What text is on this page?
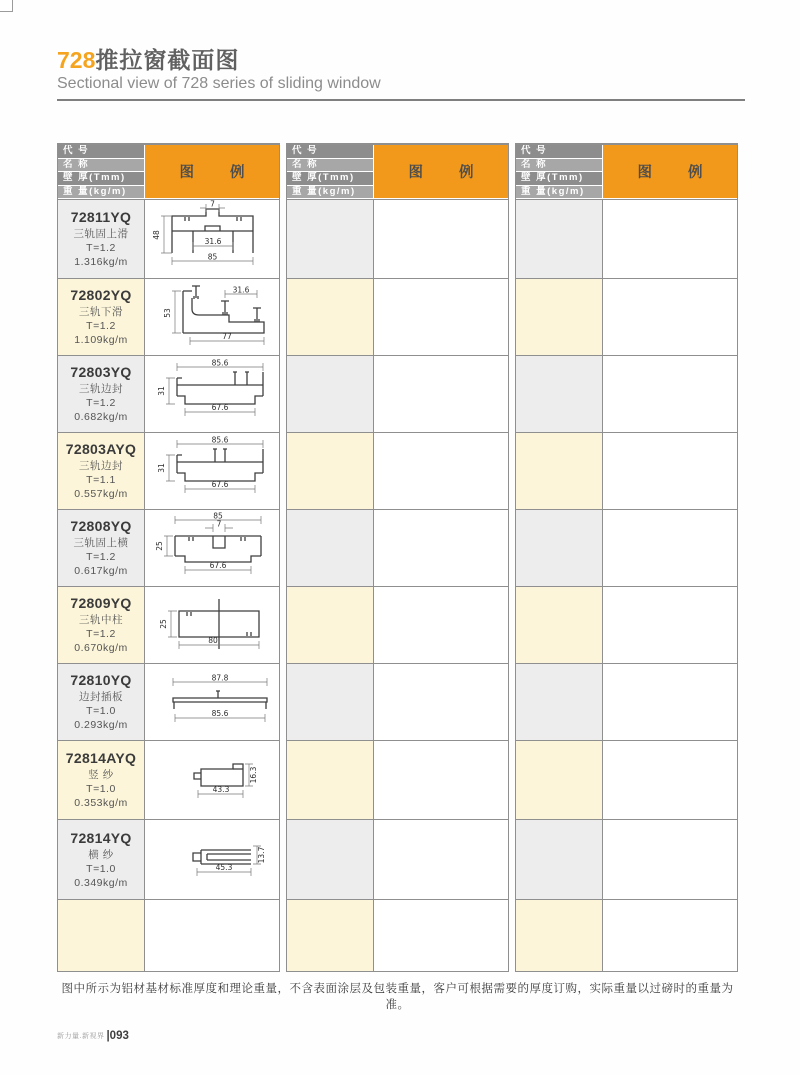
728推拉窗截面图
Sectional view of 728 series of sliding window
代 号
名 称
壁 厚(Tmm)
重 量(kg/m)
图 例
72811YQ
三轨固上滑
T=1.2
1.316kg/m
7
48
31.6
85
72802YQ
三轨下滑
T=1.2
1.109kg/m
31.6
53
77
72803YQ
三轨边封
T=1.2
0.682kg/m
85.6
31
67.6
72803AYQ
三轨边封
T=1.1
0.557kg/m
85.6
31
67.6
72808YQ
三轨固上横
T=1.2
0.617kg/m
85
7
25
67.6
72809YQ
三轨中柱
T=1.2
0.670kg/m
25
80
72810YQ
边封插板
T=1.0
0.293kg/m
87.8
85.6
72814AYQ
竖 纱
T=1.0
0.353kg/m
43.3
16.3
72814YQ
横 纱
T=1.0
0.349kg/m
45.3
13.7
代 号
名 称
壁 厚(Tmm)
重 量(kg/m)
图 例
代 号
名 称
壁 厚(Tmm)
重 量(kg/m)
图 例
图中所示为铝材基材标准厚度和理论重量，不含表面涂层及包装重量，客户可根据需要的厚度订购，实际重量以过磅时的重量为准。
新力量.新视界 |093
